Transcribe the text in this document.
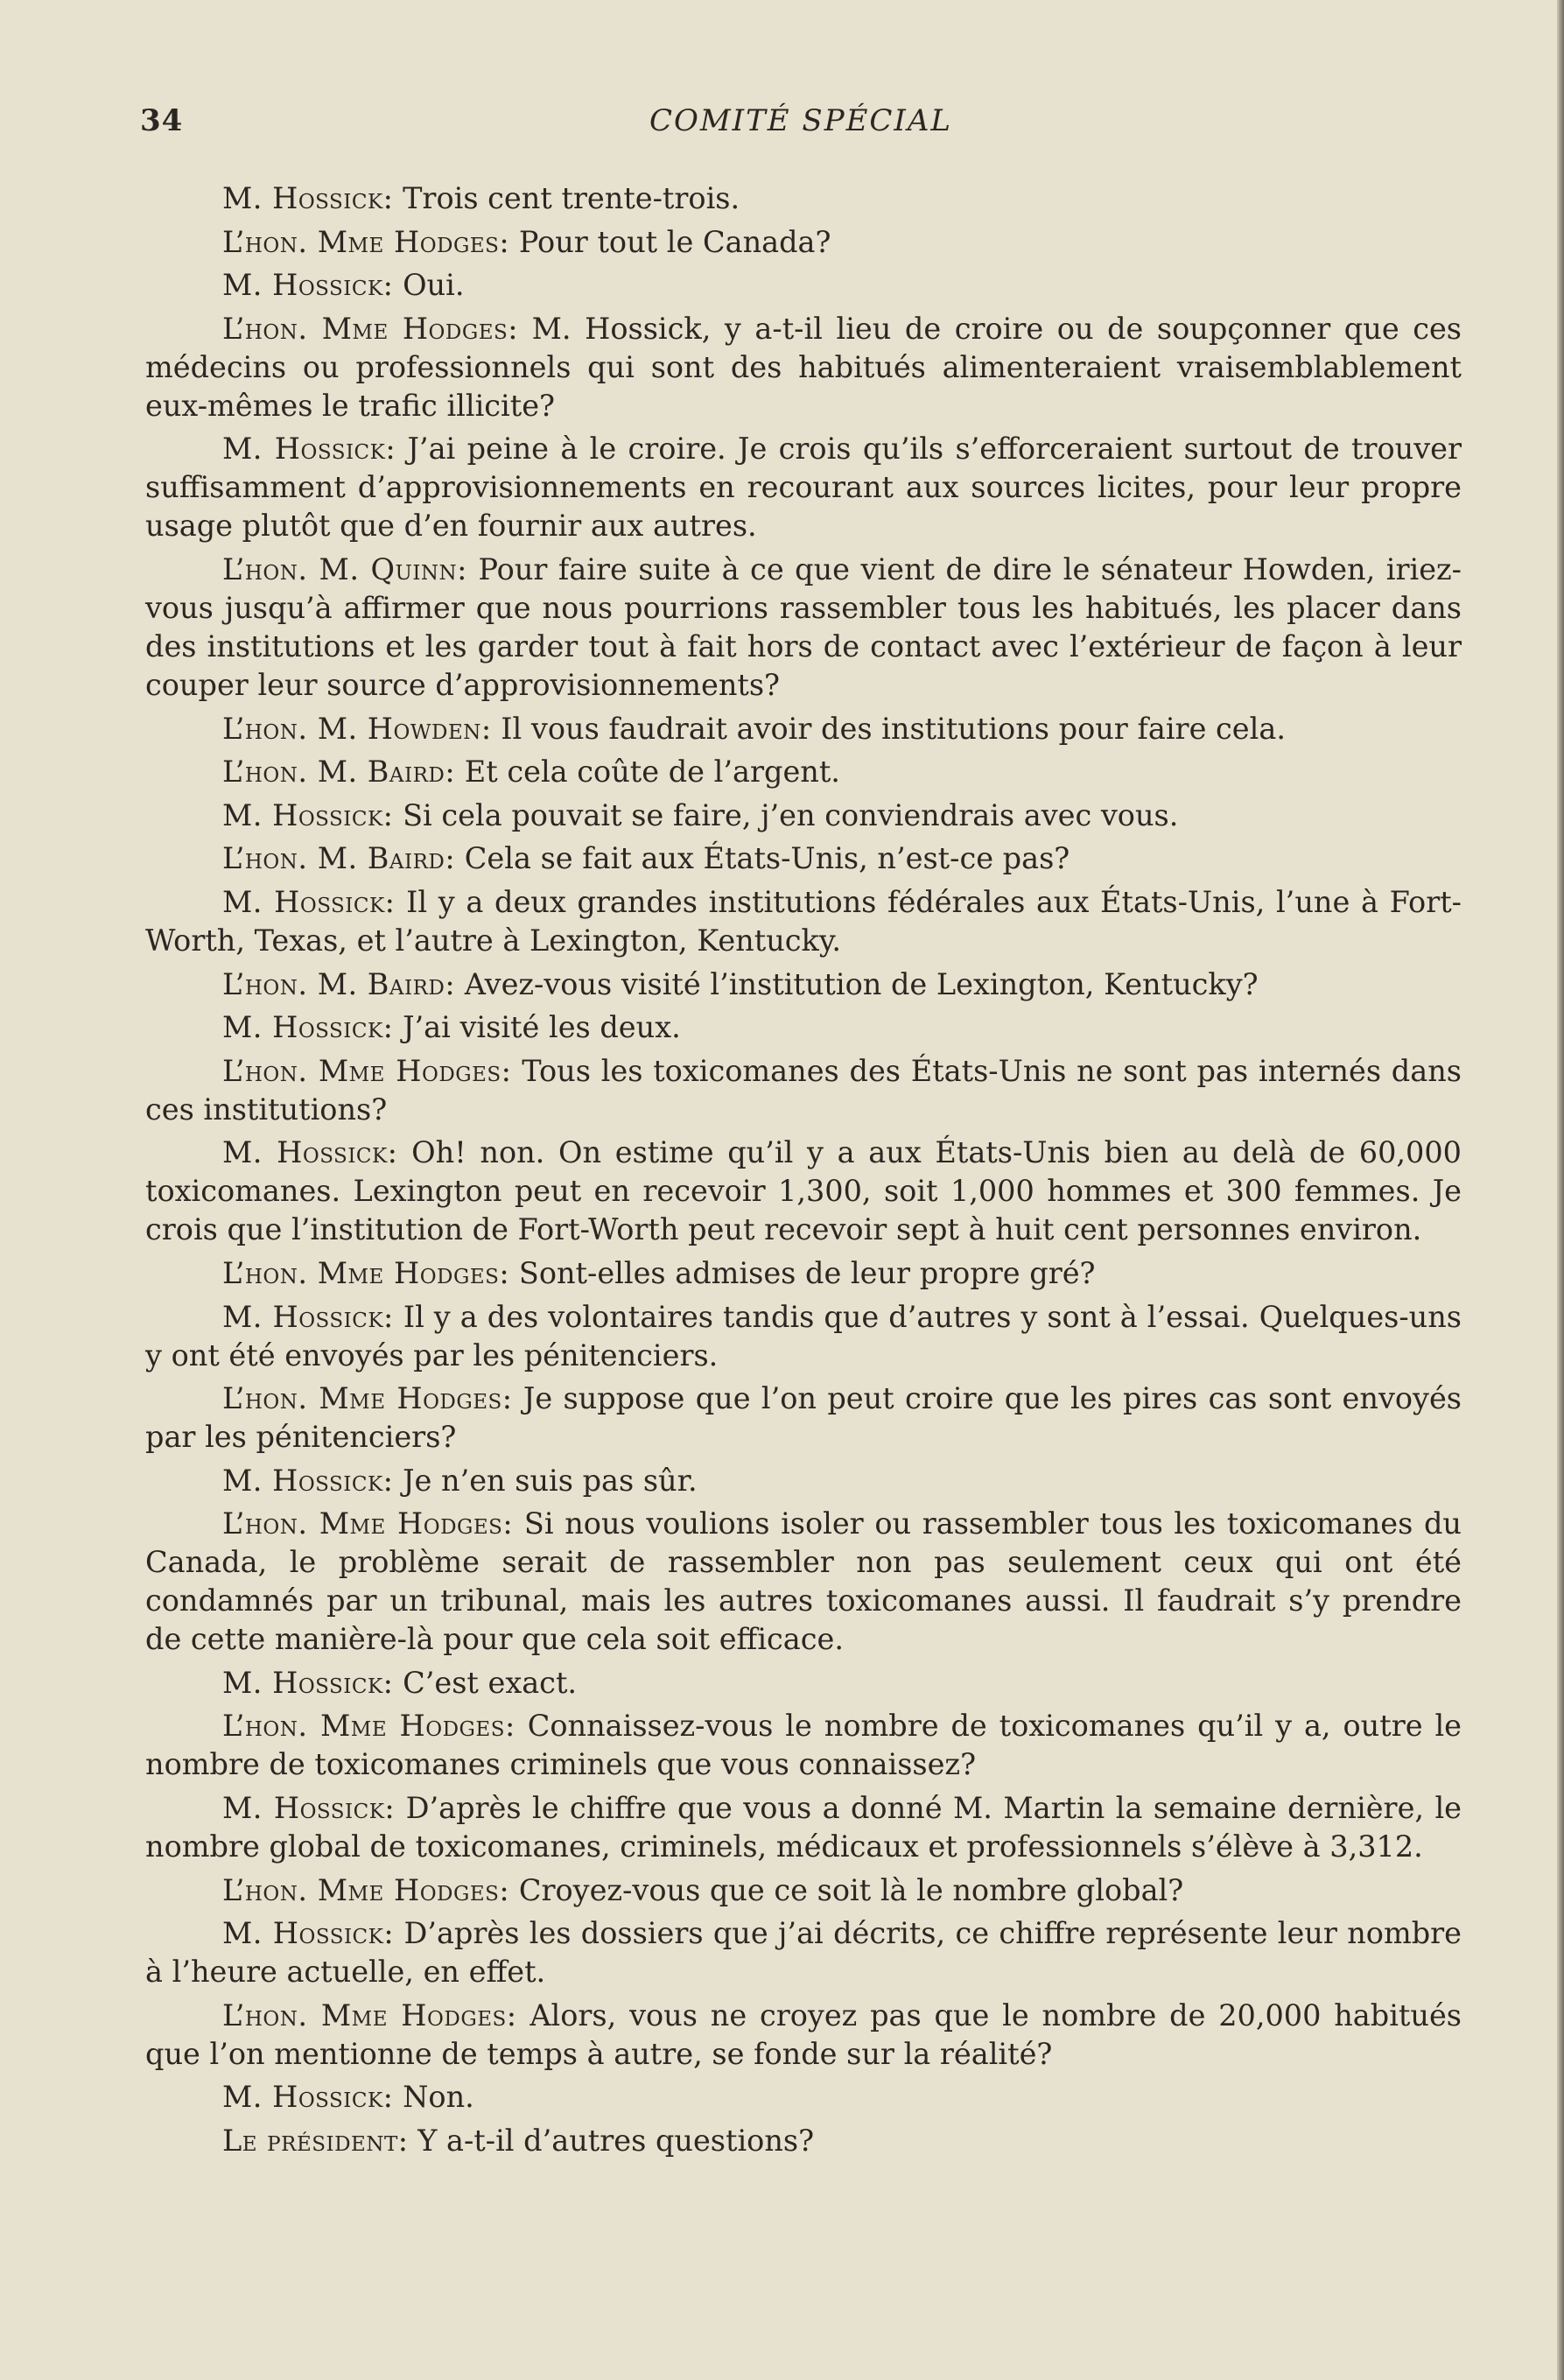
34	COMITÉ SPÉCIAL

M. Hossick: Trois cent trente-trois.

L’hon. Mme Hodges: Pour tout le Canada?

M. Hossick: Oui.

L’hon. Mme Hodges: M. Hossick, y a-t-il lieu de croire ou de soupçonner que ces médecins ou professionnels qui sont des habitués alimenteraient vraisemblablement eux-mêmes le trafic illicite?

M. Hossick: J’ai peine à le croire. Je crois qu’ils s’efforceraient surtout de trouver suffisamment d’approvisionnements en recourant aux sources licites, pour leur propre usage plutôt que d’en fournir aux autres.

L’hon. M. Quinn: Pour faire suite à ce que vient de dire le sénateur Howden, iriez-vous jusqu’à affirmer que nous pourrions rassembler tous les habitués, les placer dans des institutions et les garder tout à fait hors de contact avec l’extérieur de façon à leur couper leur source d’approvisionnements?

L’hon. M. Howden: Il vous faudrait avoir des institutions pour faire cela.

L’hon. M. Baird: Et cela coûte de l’argent.

M. Hossick: Si cela pouvait se faire, j’en conviendrais avec vous.

L’hon. M. Baird: Cela se fait aux États-Unis, n’est-ce pas?

M. Hossick: Il y a deux grandes institutions fédérales aux États-Unis, l’une à Fort-Worth, Texas, et l’autre à Lexington, Kentucky.

L’hon. M. Baird: Avez-vous visité l’institution de Lexington, Kentucky?

M. Hossick: J’ai visité les deux.

L’hon. Mme Hodges: Tous les toxicomanes des États-Unis ne sont pas internés dans ces institutions?

M. Hossick: Oh! non. On estime qu’il y a aux États-Unis bien au delà de 60,000 toxicomanes. Lexington peut en recevoir 1,300, soit 1,000 hommes et 300 femmes. Je crois que l’institution de Fort-Worth peut recevoir sept à huit cent personnes environ.

L’hon. Mme Hodges: Sont-elles admises de leur propre gré?

M. Hossick: Il y a des volontaires tandis que d’autres y sont à l’essai. Quelques-uns y ont été envoyés par les pénitenciers.

L’hon. Mme Hodges: Je suppose que l’on peut croire que les pires cas sont envoyés par les pénitenciers?

M. Hossick: Je n’en suis pas sûr.

L’hon. Mme Hodges: Si nous voulions isoler ou rassembler tous les toxicomanes du Canada, le problème serait de rassembler non pas seulement ceux qui ont été condamnés par un tribunal, mais les autres toxicomanes aussi. Il faudrait s’y prendre de cette manière-là pour que cela soit efficace.

M. Hossick: C’est exact.

L’hon. Mme Hodges: Connaissez-vous le nombre de toxicomanes qu’il y a, outre le nombre de toxicomanes criminels que vous connaissez?

M. Hossick: D’après le chiffre que vous a donné M. Martin la semaine dernière, le nombre global de toxicomanes, criminels, médicaux et professionnels s’élève à 3,312.

L’hon. Mme Hodges: Croyez-vous que ce soit là le nombre global?

M. Hossick: D’après les dossiers que j’ai décrits, ce chiffre représente leur nombre à l’heure actuelle, en effet.

L’hon. Mme Hodges: Alors, vous ne croyez pas que le nombre de 20,000 habitués que l’on mentionne de temps à autre, se fonde sur la réalité?

M. Hossick: Non.

Le président: Y a-t-il d’autres questions?
